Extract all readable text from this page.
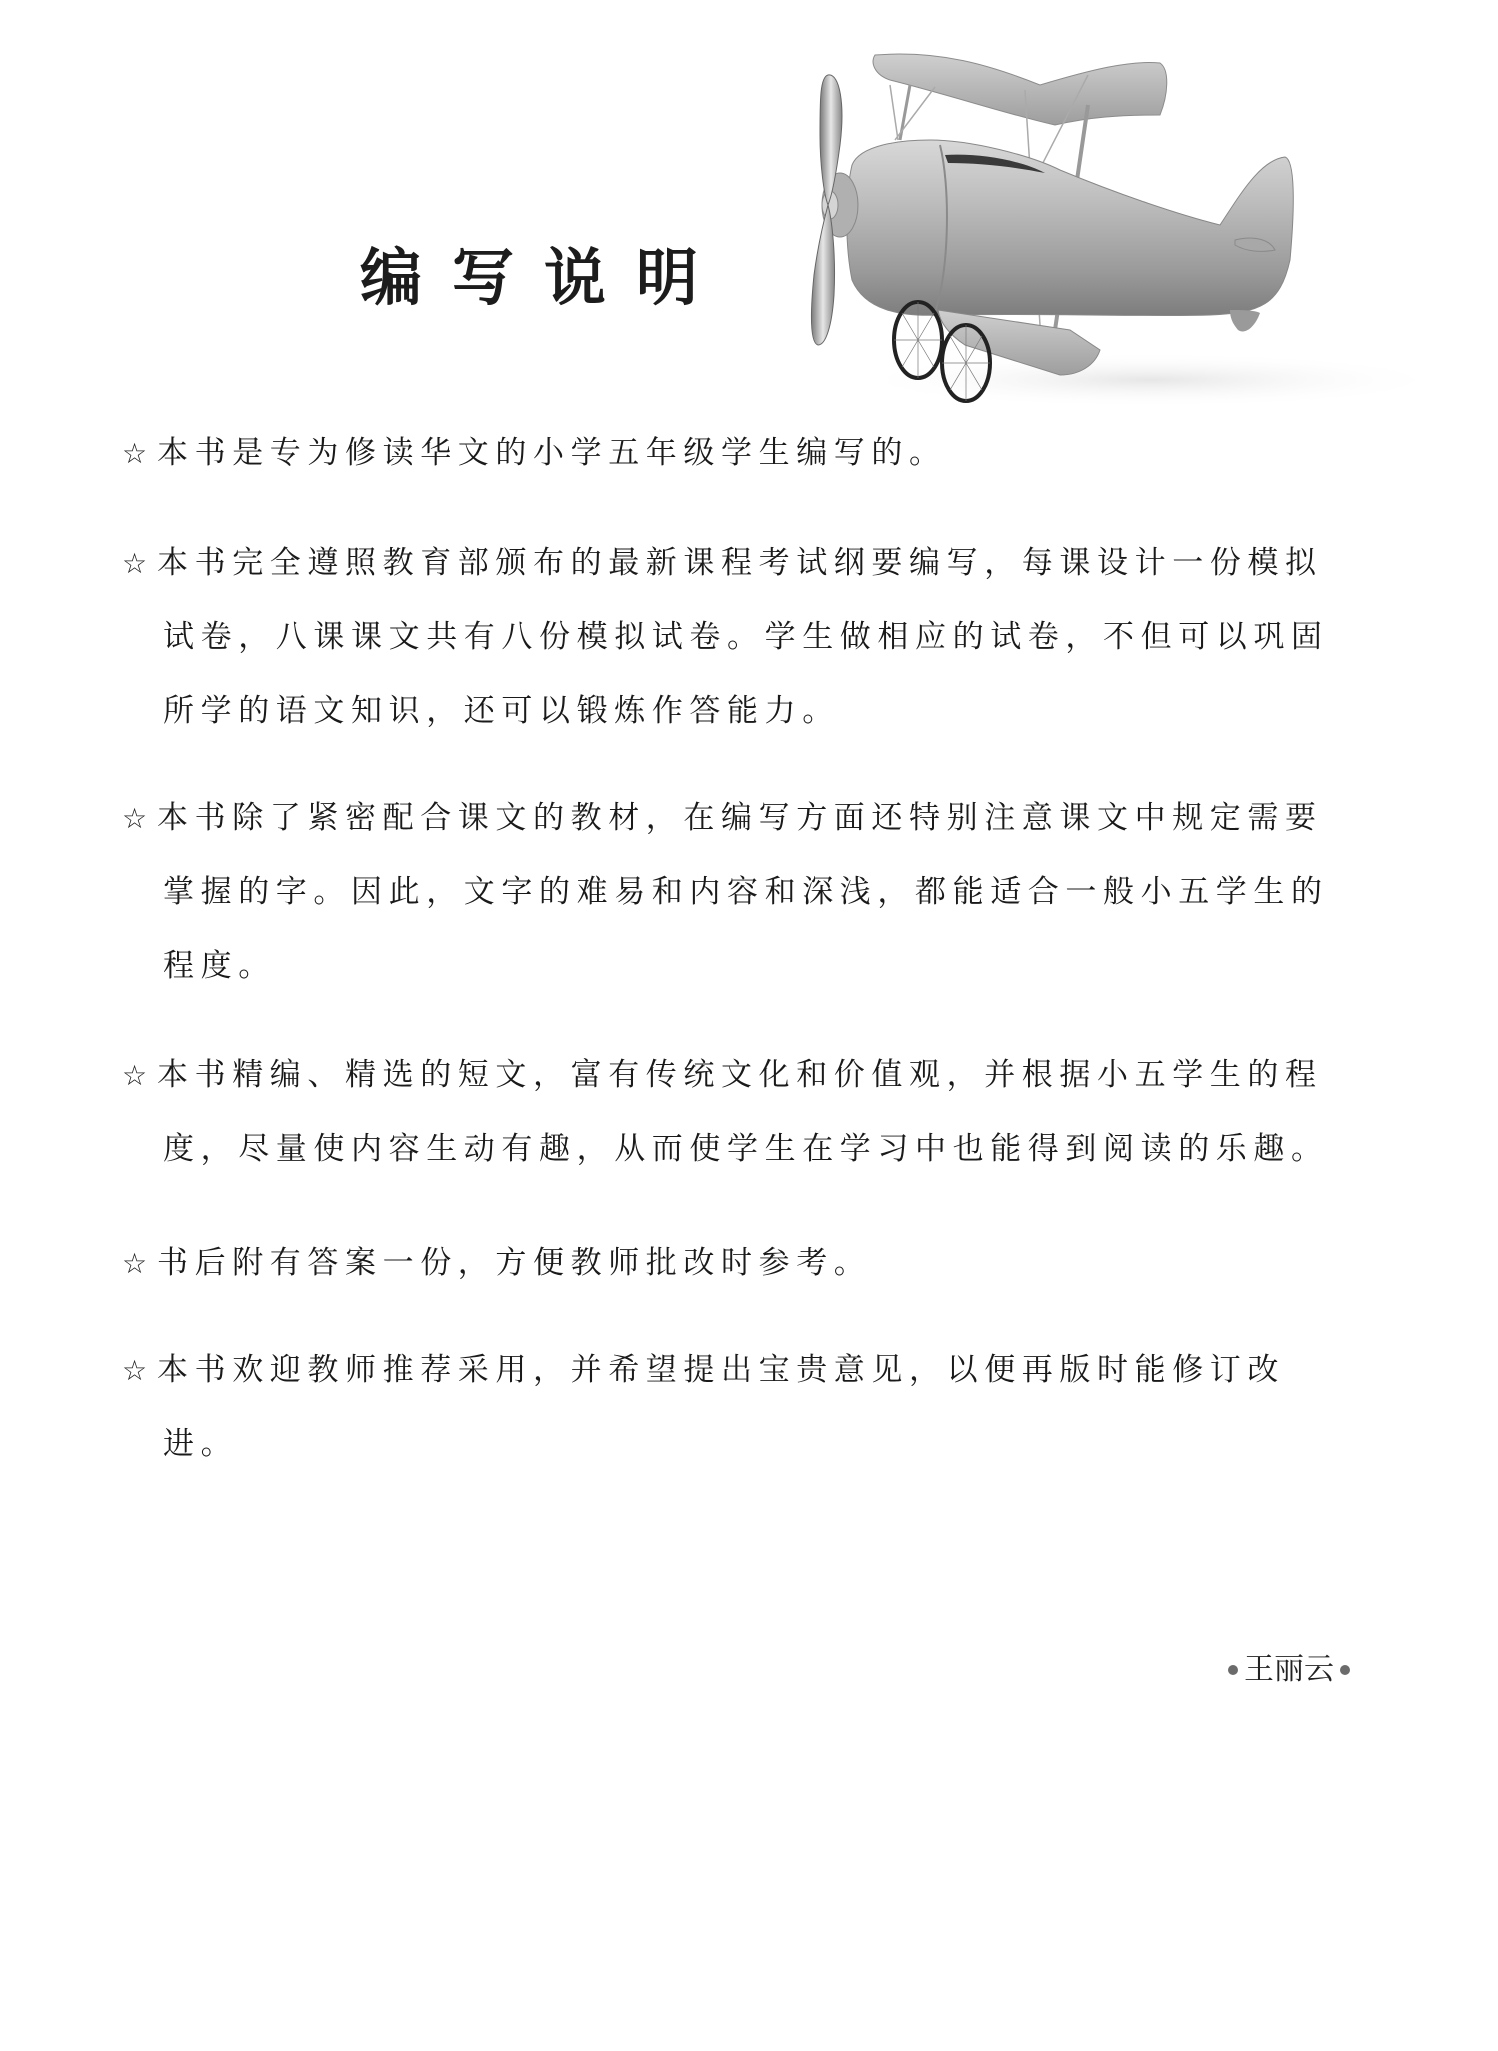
编写说明
☆ 本书是专为修读华文的小学五年级学生编写的。
☆ 本书完全遵照教育部颁布的最新课程考试纲要编写，每课设计一份模拟
试卷，八课课文共有八份模拟试卷。学生做相应的试卷，不但可以巩固
所学的语文知识，还可以锻炼作答能力。
☆ 本书除了紧密配合课文的教材，在编写方面还特别注意课文中规定需要
掌握的字。因此，文字的难易和内容和深浅，都能适合一般小五学生的
程度。
☆ 本书精编、精选的短文，富有传统文化和价值观，并根据小五学生的程
度，尽量使内容生动有趣，从而使学生在学习中也能得到阅读的乐趣。
☆ 书后附有答案一份，方便教师批改时参考。
☆ 本书欢迎教师推荐采用，并希望提出宝贵意见，以便再版时能修订改
进。
王丽云
